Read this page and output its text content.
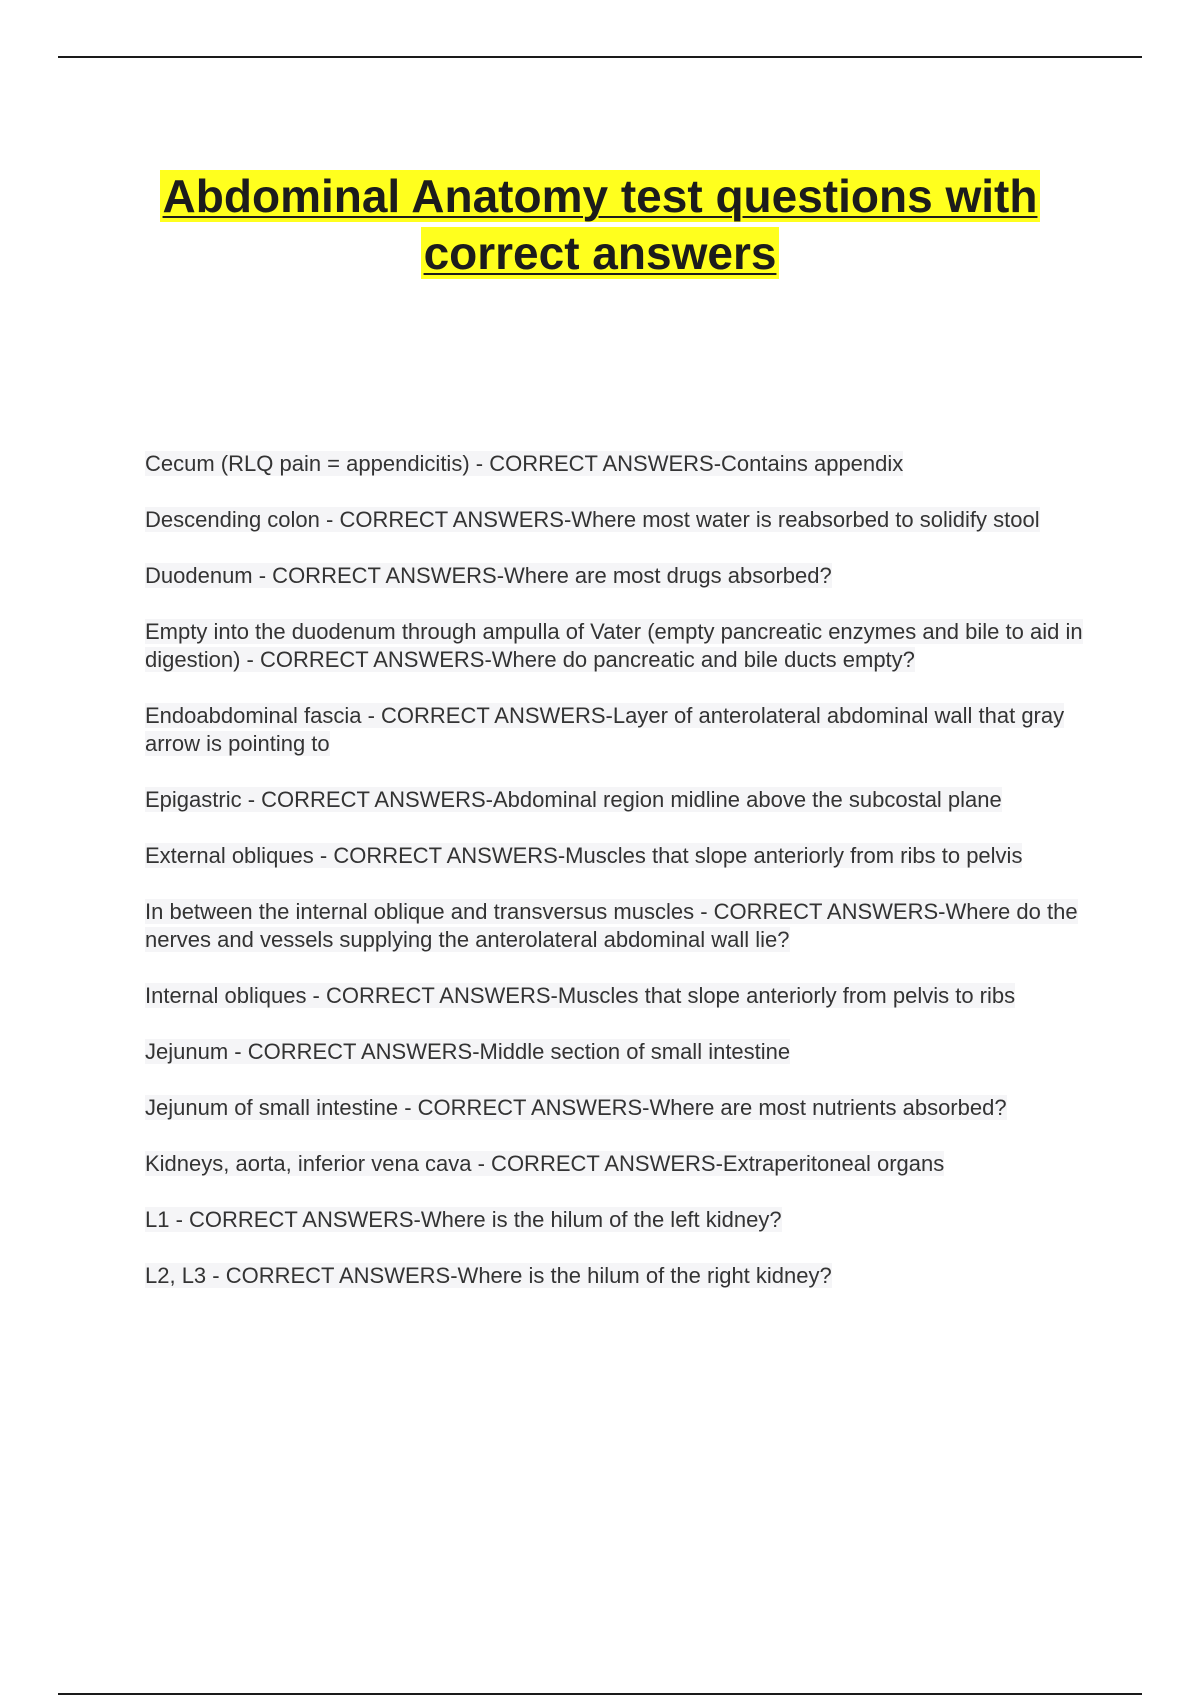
Abdominal Anatomy test questions with correct answers
Cecum (RLQ pain = appendicitis) - CORRECT ANSWERS-Contains appendix
Descending colon - CORRECT ANSWERS-Where most water is reabsorbed to solidify stool
Duodenum - CORRECT ANSWERS-Where are most drugs absorbed?
Empty into the duodenum through ampulla of Vater (empty pancreatic enzymes and bile to aid in digestion) - CORRECT ANSWERS-Where do pancreatic and bile ducts empty?
Endoabdominal fascia - CORRECT ANSWERS-Layer of anterolateral abdominal wall that gray arrow is pointing to
Epigastric - CORRECT ANSWERS-Abdominal region midline above the subcostal plane
External obliques - CORRECT ANSWERS-Muscles that slope anteriorly from ribs to pelvis
In between the internal oblique and transversus muscles - CORRECT ANSWERS-Where do the nerves and vessels supplying the anterolateral abdominal wall lie?
Internal obliques - CORRECT ANSWERS-Muscles that slope anteriorly from pelvis to ribs
Jejunum - CORRECT ANSWERS-Middle section of small intestine
Jejunum of small intestine - CORRECT ANSWERS-Where are most nutrients absorbed?
Kidneys, aorta, inferior vena cava - CORRECT ANSWERS-Extraperitoneal organs
L1 - CORRECT ANSWERS-Where is the hilum of the left kidney?
L2, L3 - CORRECT ANSWERS-Where is the hilum of the right kidney?
